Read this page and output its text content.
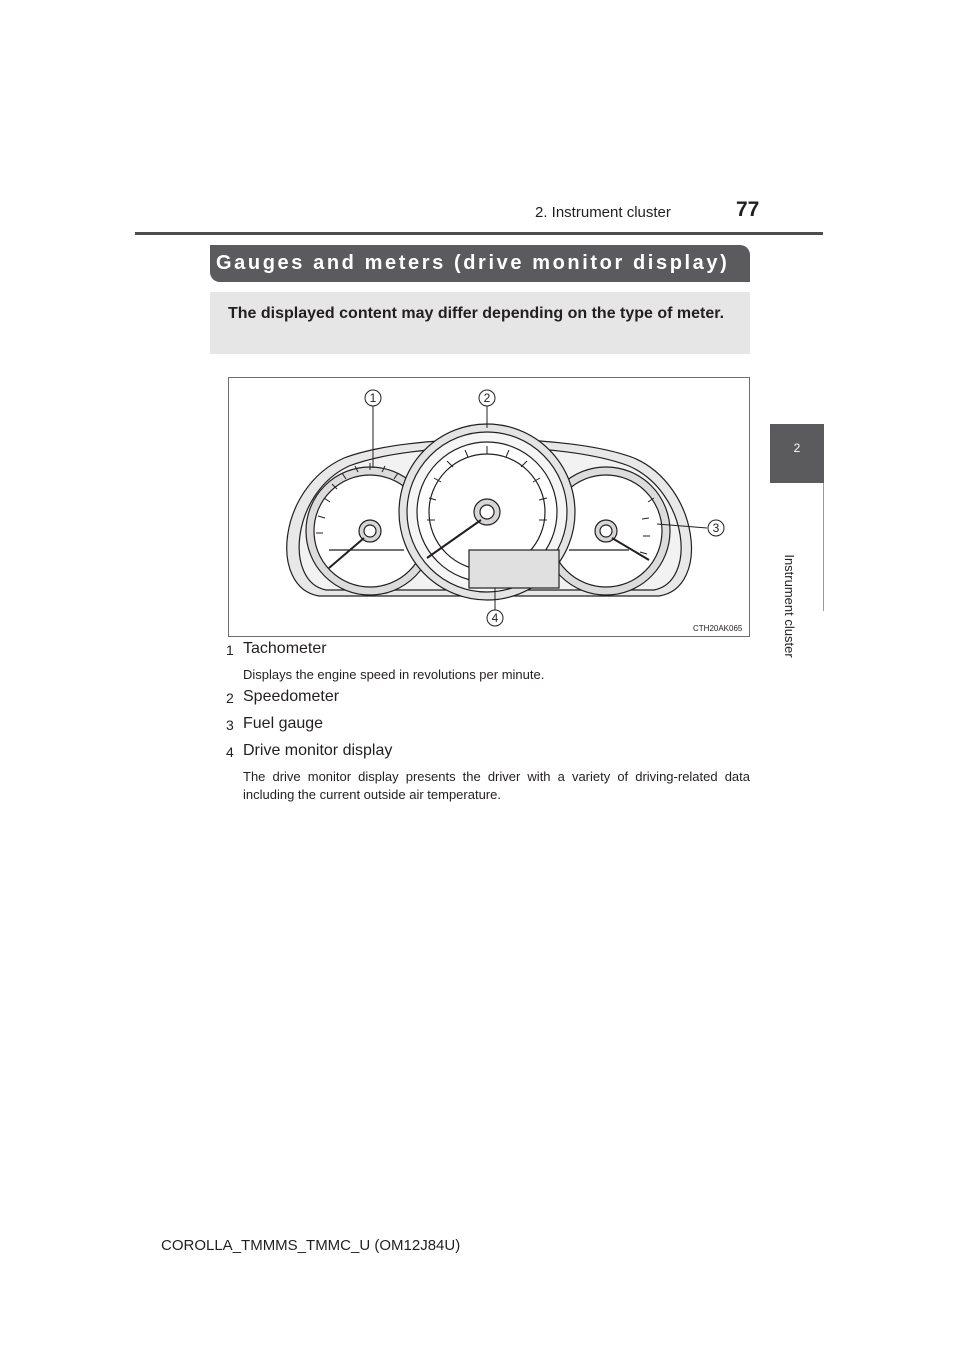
2. Instrument cluster	77
2
Instrument cluster
Gauges and meters (drive monitor display)
The displayed content may differ depending on the type of meter.
1	2
3
4
CTH20AK065
1 Tachometer
Displays the engine speed in revolutions per minute.
2 Speedometer
3 Fuel gauge
4 Drive monitor display
The drive monitor display presents the driver with a variety of driving-related data including the current outside air temperature.
COROLLA_TMMMS_TMMC_U (OM12J84U)
